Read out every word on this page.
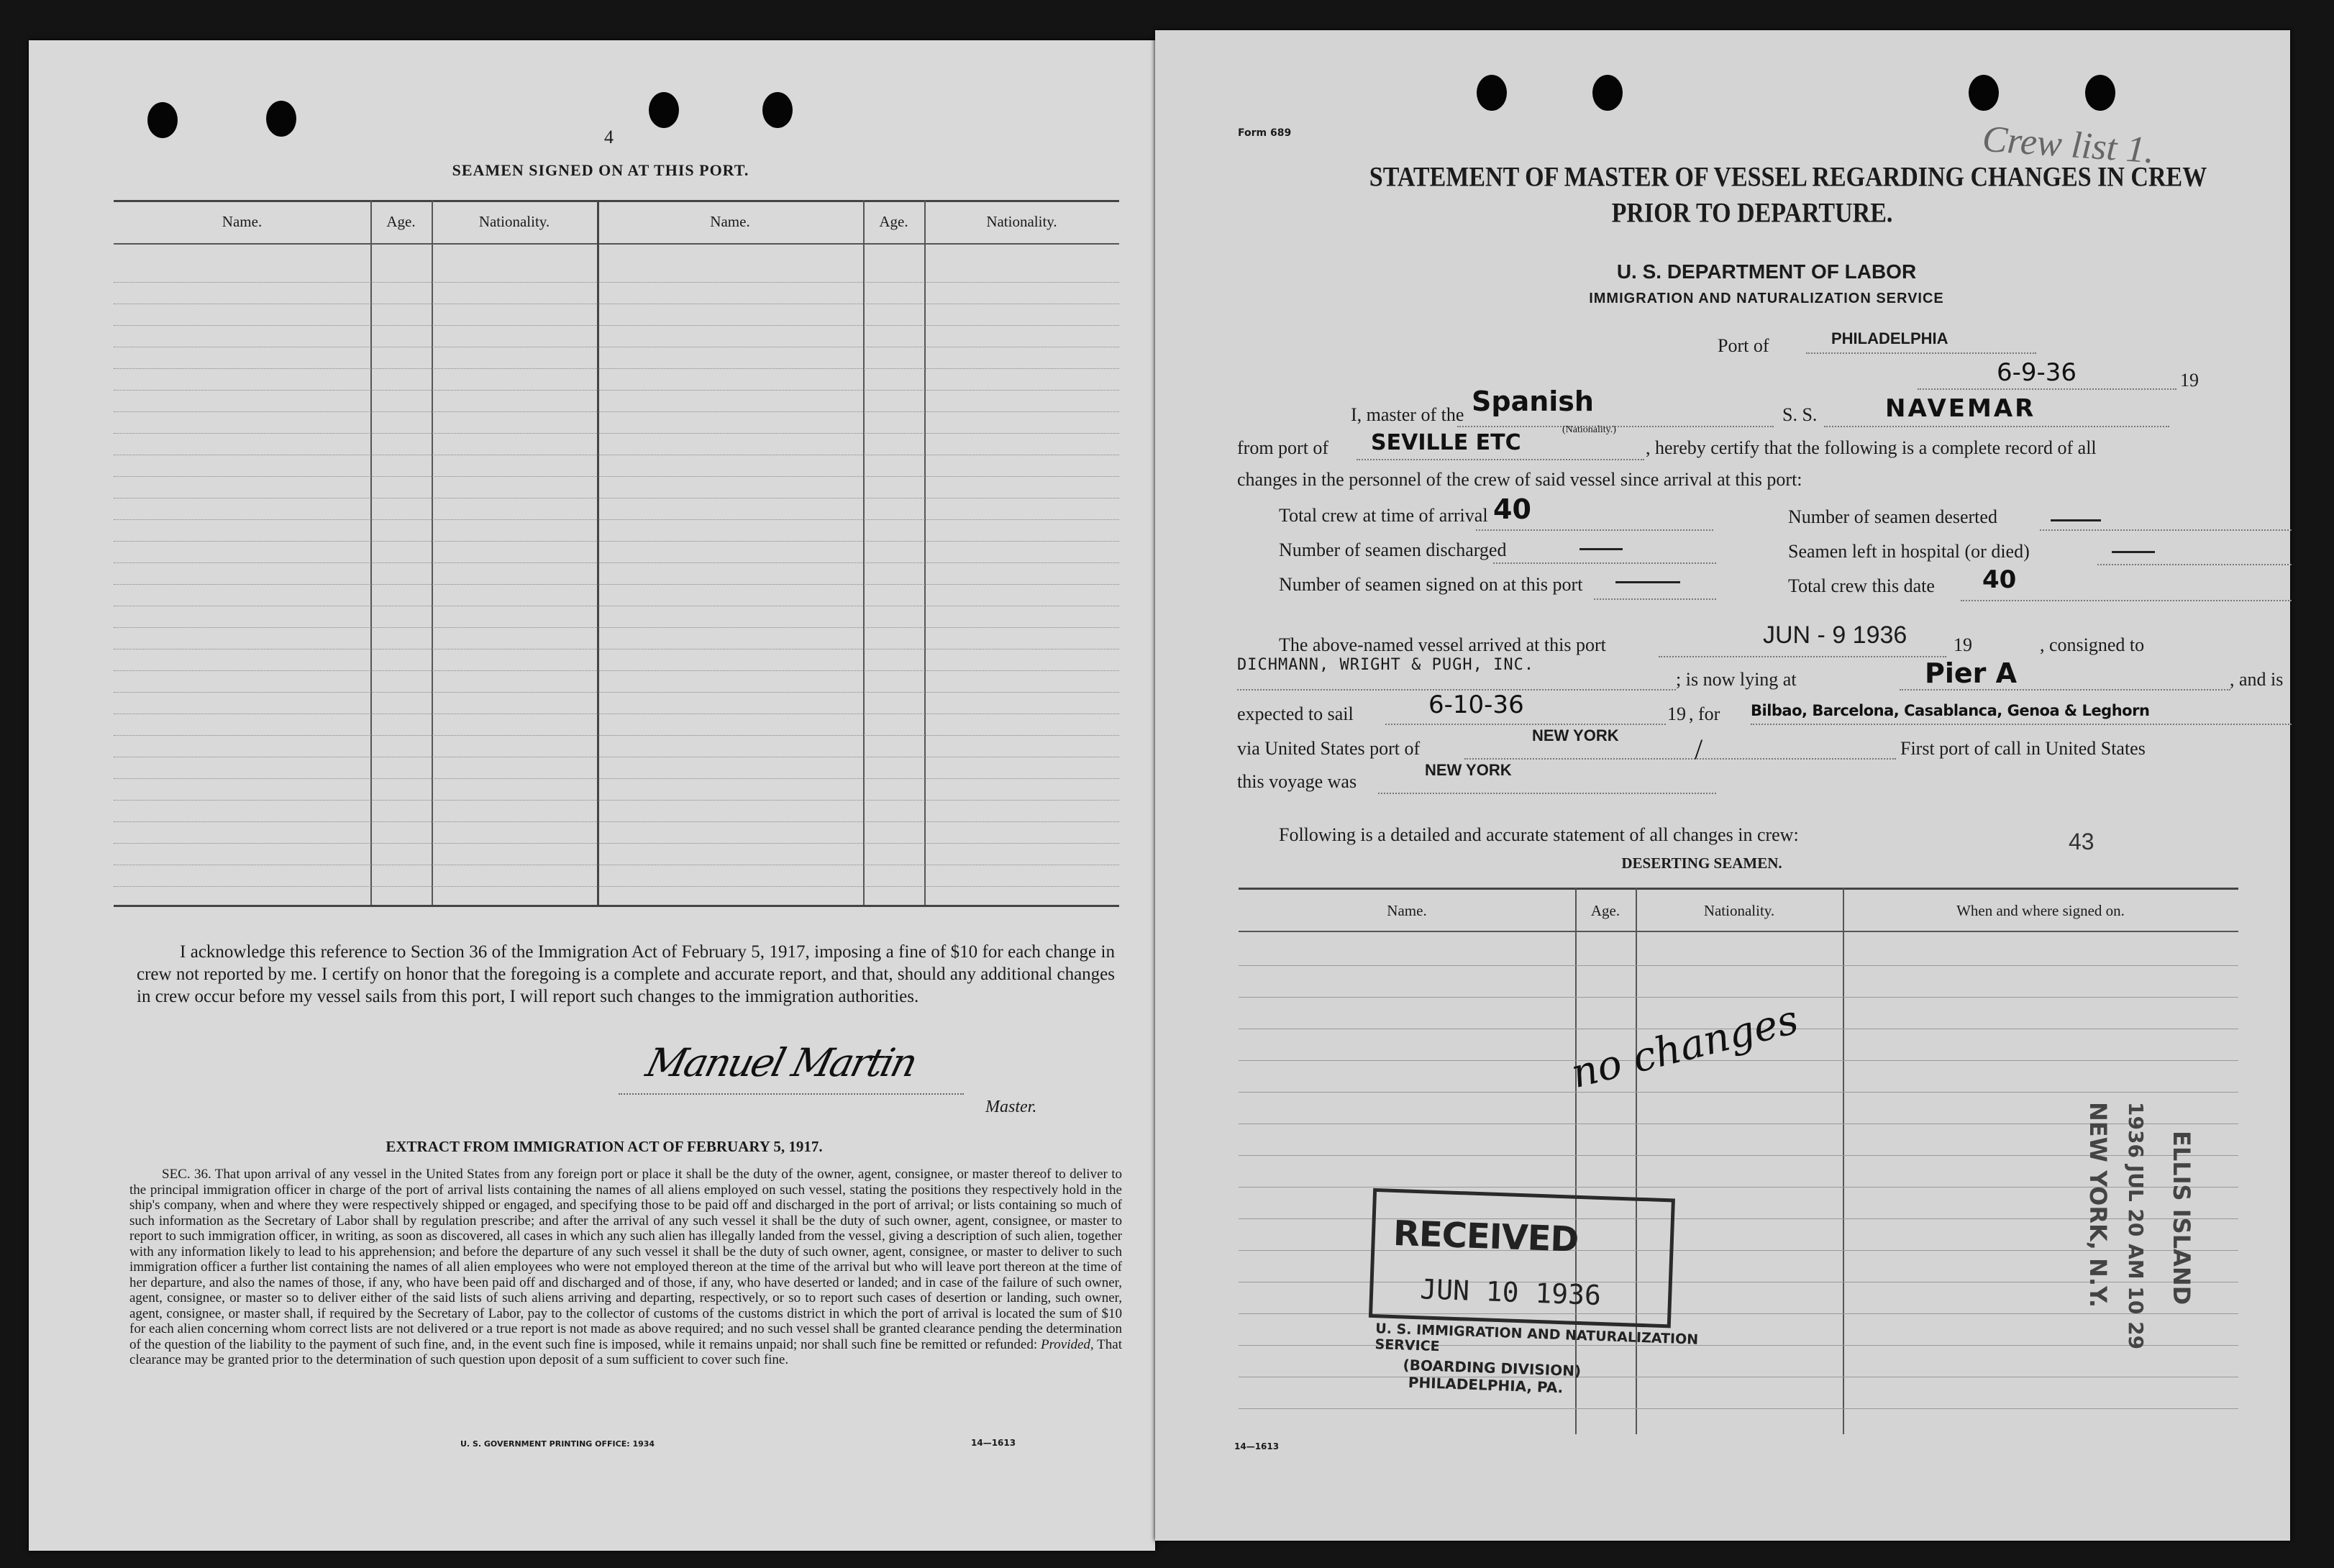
4
SEAMEN SIGNED ON AT THIS PORT.
Name.	Age.	Nationality.	Name.	Age.	Nationality.
I acknowledge this reference to Section 36 of the Immigration Act of February 5, 1917, imposing a fine of $10 for each change in crew not reported by me. I certify on honor that the foregoing is a complete and accurate report, and that, should any additional changes in crew occur before my vessel sails from this port, I will report such changes to the immigration authorities.
Manuel Martin
Master.
EXTRACT FROM IMMIGRATION ACT OF FEBRUARY 5, 1917.
SEC. 36. That upon arrival of any vessel in the United States from any foreign port or place it shall be the duty of the owner, agent, consignee, or master thereof to deliver to the principal immigration officer in charge of the port of arrival lists containing the names of all aliens employed on such vessel, stating the positions they respectively hold in the ship's company, when and where they were respectively shipped or engaged, and specifying those to be paid off and discharged in the port of arrival; or lists containing so much of such information as the Secretary of Labor shall by regulation prescribe; and after the arrival of any such vessel it shall be the duty of such owner, agent, consignee, or master to report to such immigration officer, in writing, as soon as discovered, all cases in which any such alien has illegally landed from the vessel, giving a description of such alien, together with any information likely to lead to his apprehension; and before the departure of any such vessel it shall be the duty of such owner, agent, consignee, or master to deliver to such immigration officer a further list containing the names of all alien employees who were not employed thereon at the time of the arrival but who will leave port thereon at the time of her departure, and also the names of those, if any, who have been paid off and discharged and of those, if any, who have deserted or landed; and in case of the failure of such owner, agent, consignee, or master so to deliver either of the said lists of such aliens arriving and departing, respectively, or so to report such cases of desertion or landing, such owner, agent, consignee, or master shall, if required by the Secretary of Labor, pay to the collector of customs of the customs district in which the port of arrival is located the sum of $10 for each alien concerning whom correct lists are not delivered or a true report is not made as above required; and no such vessel shall be granted clearance pending the determination of the question of the liability to the payment of such fine, and, in the event such fine is imposed, while it remains unpaid; nor shall such fine be remitted or refunded: Provided, That clearance may be granted prior to the determination of such question upon deposit of a sum sufficient to cover such fine.
U. S. GOVERNMENT PRINTING OFFICE: 1934	14—1613
Form 689	Crew list 1.
STATEMENT OF MASTER OF VESSEL REGARDING CHANGES IN CREW
PRIOR TO DEPARTURE.
U. S. DEPARTMENT OF LABOR
IMMIGRATION AND NATURALIZATION SERVICE
Port of	PHILADELPHIA
6-9-36	19
I, master of the Spanish
(Nationality.)
S. S.	NAVEMAR
from port of SEVILLE ETC	, hereby certify that the following is a complete record of all
changes in the personnel of the crew of said vessel since arrival at this port:
Total crew at time of arrival 40	Number of seamen deserted
Number of seamen discharged	Seamen left in hospital (or died)
Number of seamen signed on at this port	Total crew this date 40
The above-named vessel arrived at this port	JUN - 9 1936 19	, consigned to
DICHMANN, WRIGHT & PUGH, INC.
; is now lying at	Pier A	, and is
expected to sail	6-10-36	19 , for Bilbao, Barcelona, Casablanca, Genoa & Leghorn
via United States port of
NEW YORK	/	First port of call in United States
this voyage was
NEW YORK
Following is a detailed and accurate statement of all changes in crew:	43
DESERTING SEAMEN.
Name.	Age.	Nationality.	When and where signed on.
no changes
RECEIVED
JUN 10 1936
U. S. IMMIGRATION AND NATURALIZATION SERVICE
(BOARDING DIVISION)
PHILADELPHIA, PA.
ELLIS ISLAND
1936 JUL 20 AM 10 29
NEW YORK, N.Y.
14—1613
